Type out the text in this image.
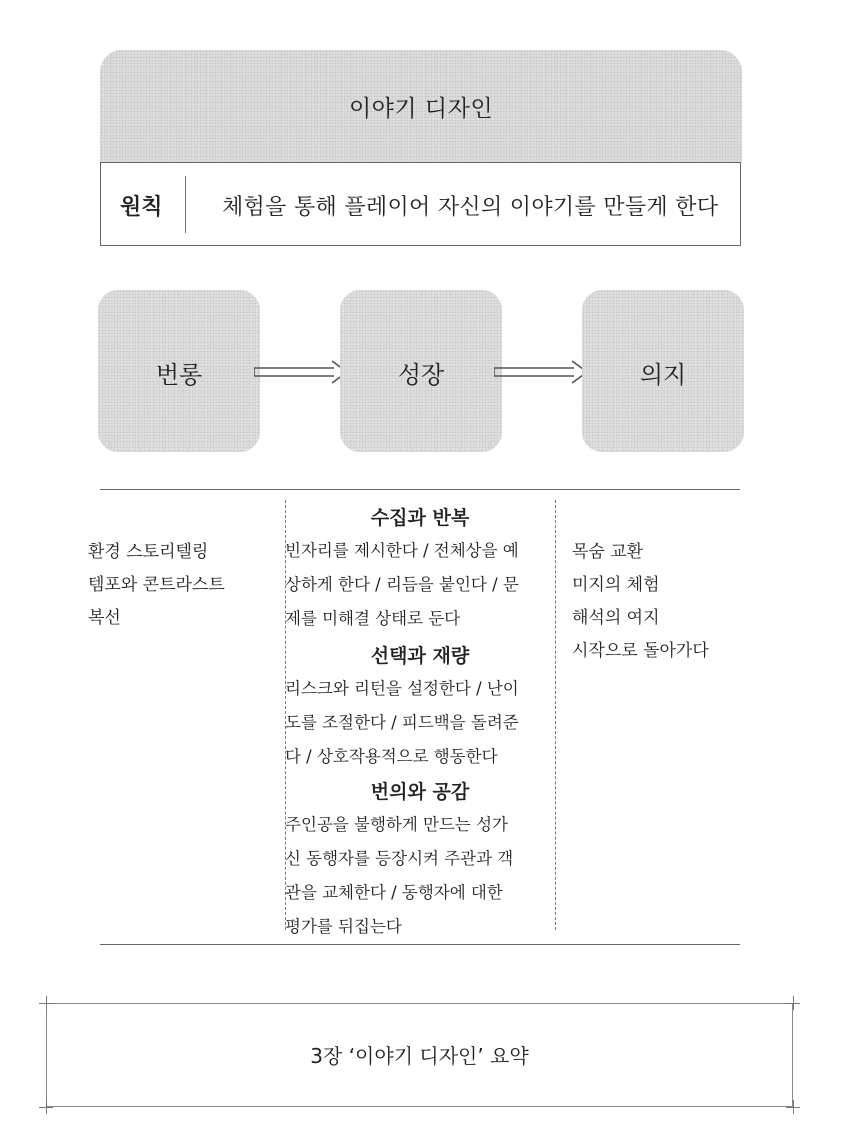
이야기 디자인
원칙	체험을 통해 플레이어 자신의 이야기를 만들게 한다
번롱	성장	의지
환경 스토리텔링
템포와 콘트라스트
복선
수집과 반복
빈자리를 제시한다 / 전체상을 예
상하게 한다 / 리듬을 붙인다 / 문
제를 미해결 상태로 둔다
선택과 재량
리스크와 리턴을 설정한다 / 난이
도를 조절한다 / 피드백을 돌려준
다 / 상호작용적으로 행동한다
번의와 공감
주인공을 불행하게 만드는 성가
신 동행자를 등장시켜 주관과 객
관을 교체한다 / 동행자에 대한
평가를 뒤집는다
목숨 교환
미지의 체험
해석의 여지
시작으로 돌아가다
3장 ‘이야기 디자인’ 요약
